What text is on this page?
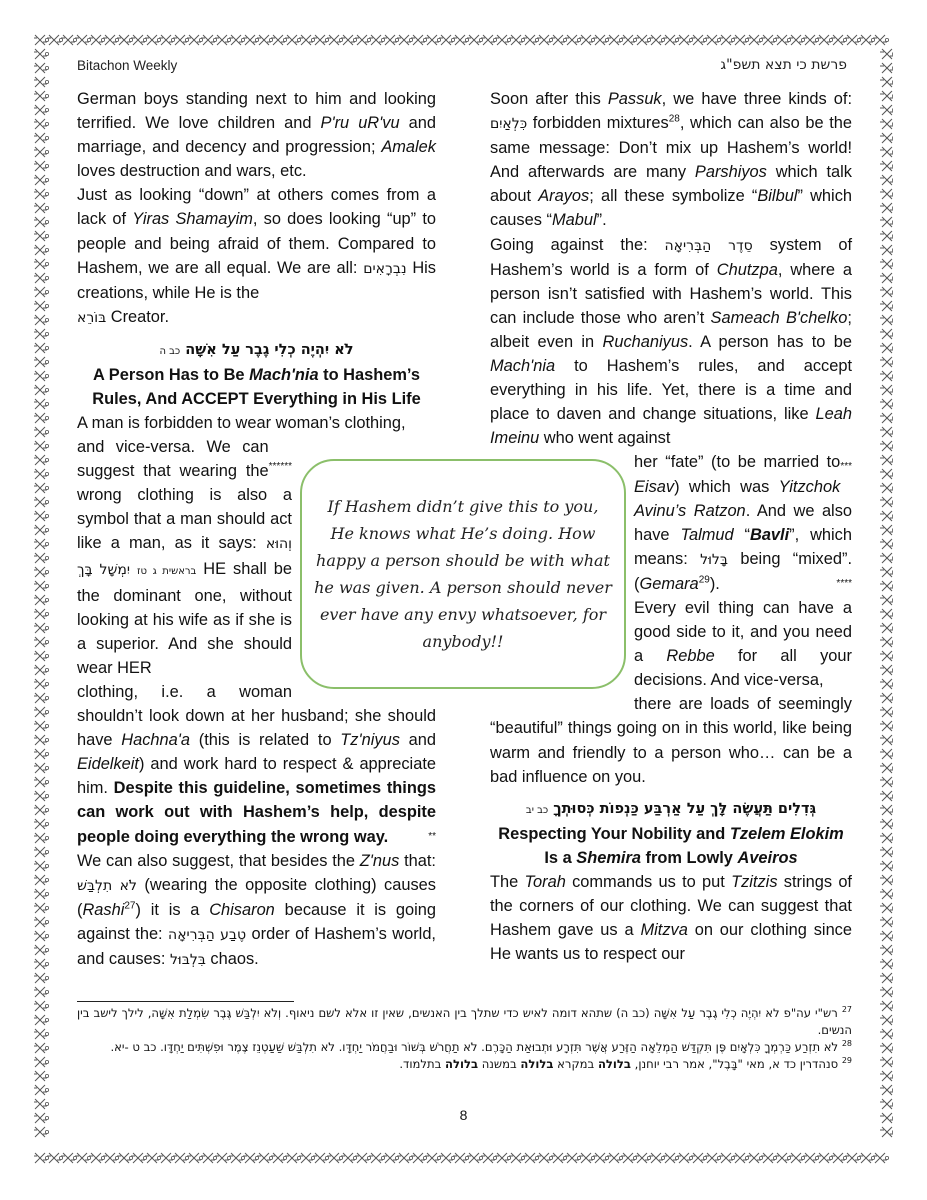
Bitachon Weekly	פרשת כי תצא תשפ"ג

German boys standing next to him and looking terrified. We love children and P'ru uR'vu and marriage, and decency and progression; Amalek loves destruction and wars, etc.
******

Just as looking “down” at others comes from a lack of Yiras Shamayim, so does looking “up” to people and being afraid of them. Compared to Hashem, we are all equal. We are all: נִבְרָאִים His creations, while He is the
בּוֹרֵא Creator.

לֹא יִהְיֶה כְלִי גֶבֶר עַל אִשָּׁה כב ה
A Person Has to Be Mach'nia to Hashem’s Rules, And ACCEPT Everything in His Life

A man is forbidden to wear woman’s clothing,

and vice-versa. We can suggest that wearing the wrong clothing is also a symbol that a man should act like a man, as it says: וְהוּא יִמְשָׁל בָּךְ בראשית ג טז HE shall be the dominant one, without looking at his wife as if she is a superior. And she should wear HER

clothing, i.e. a woman shouldn’t look down at her husband; she should have Hachna'a (this is related to Tz'niyus and Eidelkeit) and work hard to respect & appreciate him. Despite this guideline, sometimes things can work out with Hashem’s help, despite people doing everything the wrong way.	**

We can also suggest, that besides the Z'nus that: לֹא תִלְבַּשׁ (wearing the opposite clothing) causes (Rashi$^{27}$) it is a Chisaron because it is going against the: טֶבַע הַבְּרִיאָה order of Hashem’s world, and causes: בִּלְבּוּל chaos.

Soon after this Passuk, we have three kinds of: כִּלְאַיִם forbidden mixtures$^{28}$, which can also be the same message: Don’t mix up Hashem’s world! And afterwards are many Parshiyos which talk about Arayos; all these symbolize “Bilbul” which causes “Mabul”.
***

Going against the: סֵדֶר הַבְּרִיאָה system of Hashem’s world is a form of Chutzpa, where a person isn’t satisfied with Hashem’s world. This can include those who aren’t Sameach B'chelko; albeit even in Ruchaniyus. A person has to be Mach'nia to Hashem’s rules, and accept everything in his life. Yet, there is a time and place to daven and change situations, like Leah Imeinu who went against

her “fate” (to be married to Eisav) which was Yitzchok Avinu’s Ratzon. And we also have Talmud “Bavli”, which means: בָּלוּל being “mixed”. (Gemara$^{29}$).	****

Every evil thing can have a good side to it, and you need a Rebbe for all your decisions. And vice-versa,

there are loads of seemingly “beautiful” things going on in this world, like being warm and friendly to a person who… can be a bad influence on you.

גְּדִלִים תַּעֲשֶׂה לָּךְ עַל אַרְבַּע כַּנְפוֹת כְּסוּתְךָ כב יב
Respecting Your Nobility and Tzelem Elokim Is a Shemira from Lowly Aveiros

The Torah commands us to put Tzitzis strings of the corners of our clothing. We can suggest that Hashem gave us a Mitzva on our clothing since He wants us to respect our

If Hashem didn’t give this to you, He knows what He’s doing. How happy a person should be with what he was given. A person should never ever have any envy whatsoever, for anybody!!
$^{27}$ רש"י עה"פ לא יִהְיֶה כְלִי גֶבֶר עַל אִשָּׁה (כב ה) שתהא דומה לאיש כדי שתלך בין האנשים, שאין זו אלא לשם ניאוף. וְלֹא יִלְבַּשׁ גֶּבֶר שִׂמְלַת אִשָּׁה, לילך לישב בין הנשים.
$^{28}$ לֹא תִזְרַע כַּרְמְךָ כִּלְאָיִם פֶּן תִּקְדַּשׁ הַמְלֵאָה הַזֶּרַע אֲשֶׁר תִּזְרָע וּתְבוּאַת הַכָּרֶם. לֹא תַחֲרֹשׁ בְּשׁוֹר וּבַחֲמֹר יַחְדָּו. לֹא תִלְבַּשׁ שַׁעַטְנֵז צֶמֶר וּפִשְׁתִּים יַחְדָּו. כב ט -יא.
$^{29}$ סנהדרין כד א, מאי "בָּבֶל", אמר רבי יוחנן, בלולה במקרא בלולה במשנה בלולה בתלמוד.
8
